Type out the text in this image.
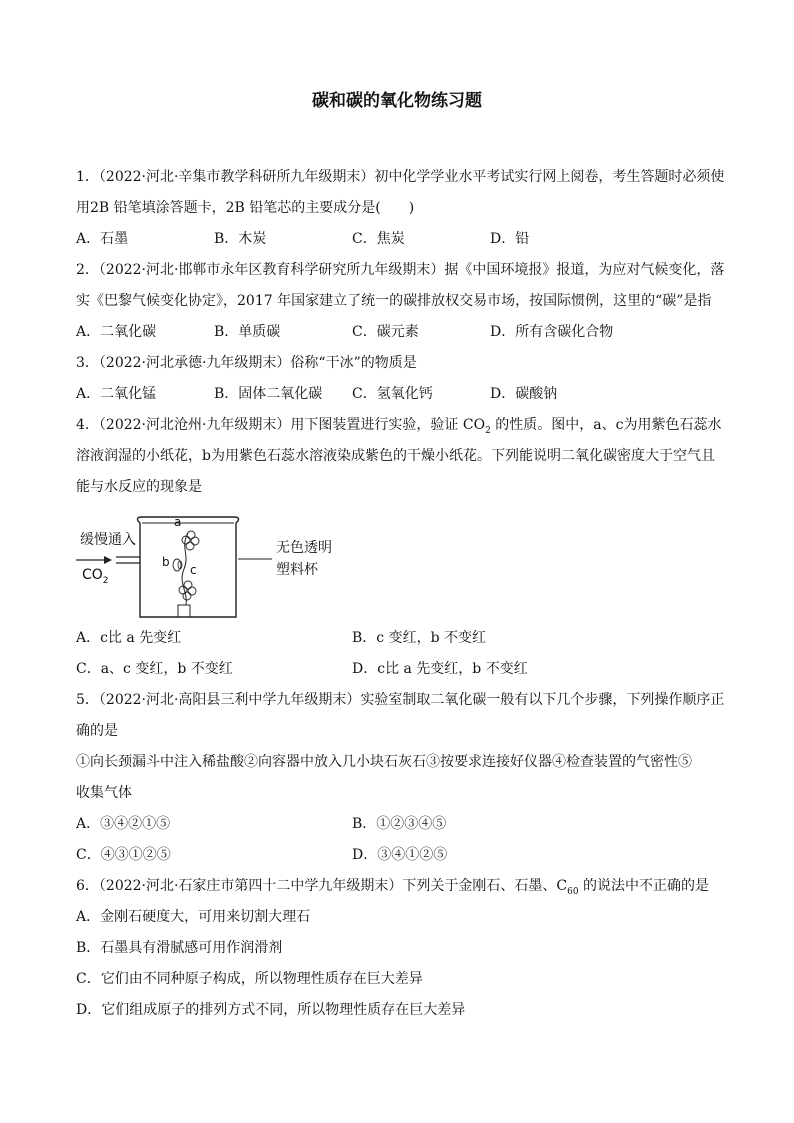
碳和碳的氧化物练习题
1．（2022·河北·辛集市教学科研所九年级期末）初中化学学业水平考试实行网上阅卷，考生答题时必须使
用2B 铅笔填涂答题卡，2B 铅笔芯的主要成分是(　　)
A．石墨	B．木炭	C．焦炭	D．铅
2．（2022·河北·邯郸市永年区教育科学研究所九年级期末）据《中国环境报》报道，为应对气候变化，落
实《巴黎气候变化协定》，2017 年国家建立了统一的碳排放权交易市场，按国际惯例，这里的“碳”是指
A．二氧化碳	B．单质碳	C．碳元素	D．所有含碳化合物
3．（2022·河北承德·九年级期末）俗称“干冰”的物质是
A．二氧化锰	B．固体二氧化碳	C．氢氧化钙	D．碳酸钠
4．（2022·河北沧州·九年级期末）用下图装置进行实验，验证 $CO_2$ 的性质。图中，a、c为用紫色石蕊水
溶液润湿的小纸花，b为用紫色石蕊水溶液染成紫色的干燥小纸花。下列能说明二氧化碳密度大于空气且
能与水反应的现象是
缓慢通入
$CO_2$
a
b
c
无色透明
塑料杯
A．c比 a 先变红	B．c 变红，b 不变红
C．a、c 变红，b 不变红	D．c比 a 先变红，b 不变红
5．（2022·河北·高阳县三利中学九年级期末）实验室制取二氧化碳一般有以下几个步骤，下列操作顺序正
确的是
①向长颈漏斗中注入稀盐酸②向容器中放入几小块石灰石③按要求连接好仪器④检查装置的气密性⑤
收集气体
A．③④②①⑤	B．①②③④⑤
C．④③①②⑤	D．③④①②⑤
6．（2022·河北·石家庄市第四十二中学九年级期末）下列关于金刚石、石墨、$C_{60}$ 的说法中不正确的是
A．金刚石硬度大，可用来切割大理石
B．石墨具有滑腻感可用作润滑剂
C．它们由不同种原子构成，所以物理性质存在巨大差异
D．它们组成原子的排列方式不同，所以物理性质存在巨大差异
